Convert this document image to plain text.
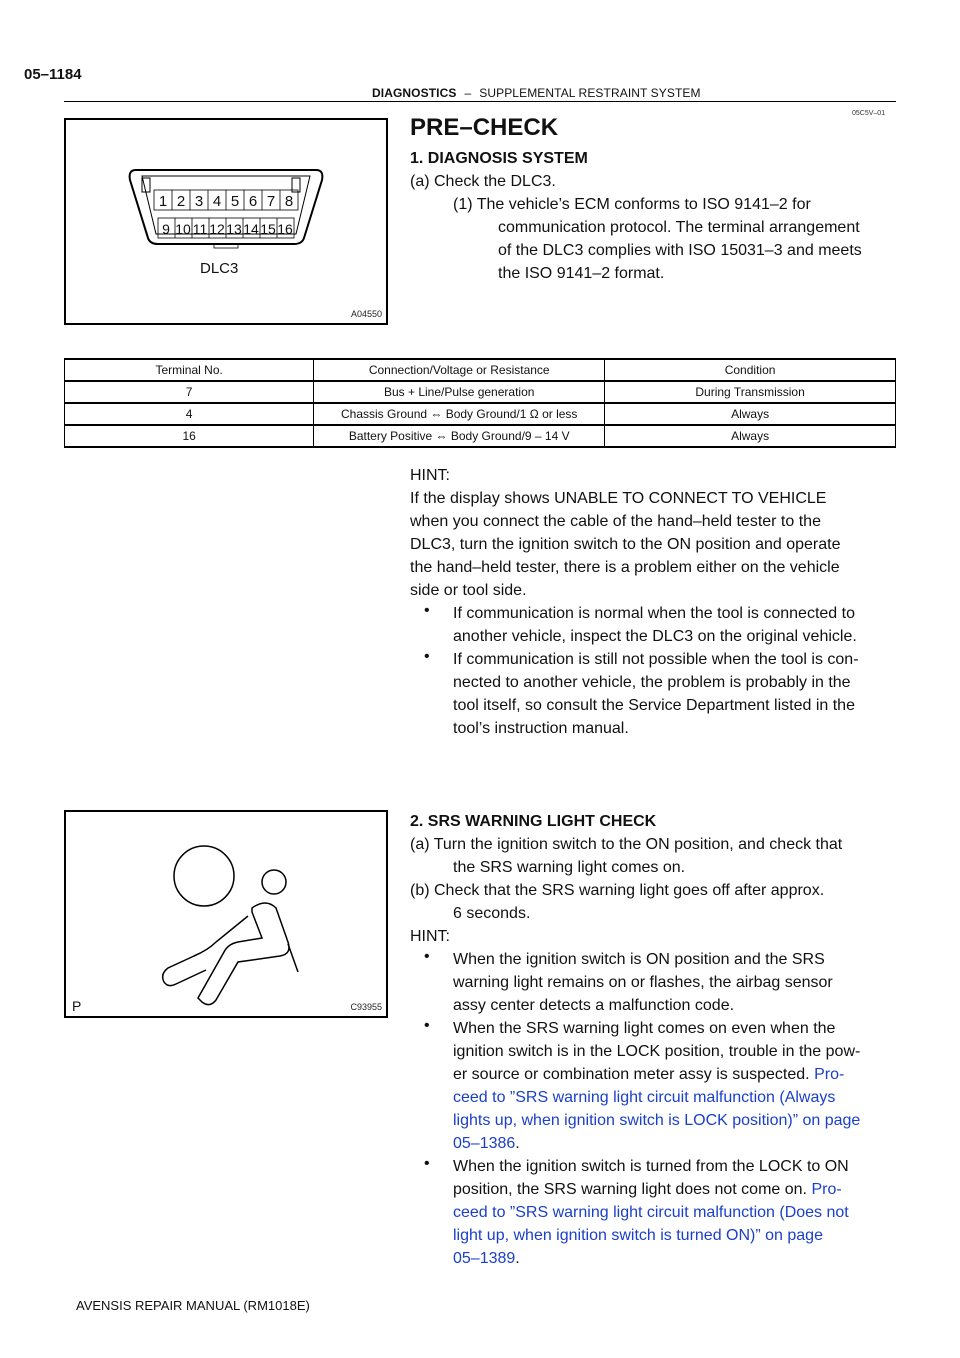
05–1184
DIAGNOSTICS – SUPPLEMENTAL RESTRAINT SYSTEM
05C5V–01
1 2 3 4 5 6 7 8
9 10 11 12 13 14 15 16
DLC3
A04550
PRE–CHECK
1. DIAGNOSIS SYSTEM
(a) Check the DLC3.
(1) The vehicle’s ECM conforms to ISO 9141–2 for
communication protocol. The terminal arrangement
of the DLC3 complies with ISO 15031–3 and meets
the ISO 9141–2 format.
Terminal No.	Connection/Voltage or Resistance	Condition
7	Bus + Line/Pulse generation	During Transmission
4	Chassis Ground ⇔ Body Ground/1 Ω or less	Always
16	Battery Positive ⇔ Body Ground/9 – 14 V	Always
HINT:
If the display shows UNABLE TO CONNECT TO VEHICLE
when you connect the cable of the hand–held tester to the
DLC3, turn the ignition switch to the ON position and operate
the hand–held tester, there is a problem either on the vehicle
side or tool side.
• If communication is normal when the tool is connected to
another vehicle, inspect the DLC3 on the original vehicle.
• If communication is still not possible when the tool is con-
nected to another vehicle, the problem is probably in the
tool itself, so consult the Service Department listed in the
tool’s instruction manual.
P	C93955
2. SRS WARNING LIGHT CHECK
(a) Turn the ignition switch to the ON position, and check that
the SRS warning light comes on.
(b) Check that the SRS warning light goes off after approx.
6 seconds.
HINT:
• When the ignition switch is ON position and the SRS
warning light remains on or flashes, the airbag sensor
assy center detects a malfunction code.
• When the SRS warning light comes on even when the
ignition switch is in the LOCK position, trouble in the pow-
er source or combination meter assy is suspected. Pro-
ceed to ”SRS warning light circuit malfunction (Always
lights up, when ignition switch is LOCK position)” on page
05–1386.
• When the ignition switch is turned from the LOCK to ON
position, the SRS warning light does not come on. Pro-
ceed to ”SRS warning light circuit malfunction (Does not
light up, when ignition switch is turned ON)” on page
05–1389.
AVENSIS REPAIR MANUAL (RM1018E)
